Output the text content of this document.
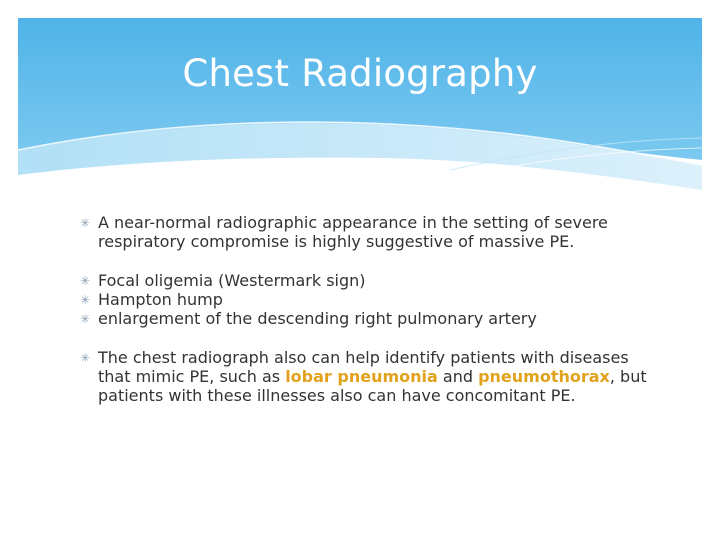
Chest Radiography
✳ A near-normal radiographic appearance in the setting of severe respiratory compromise is highly suggestive of massive PE.
✳ Focal oligemia (Westermark sign)
✳ Hampton hump
✳ enlargement of the descending right pulmonary artery
✳ The chest radiograph also can help identify patients with diseases that mimic PE, such as lobar pneumonia and pneumothorax, but patients with these illnesses also can have concomitant PE.
